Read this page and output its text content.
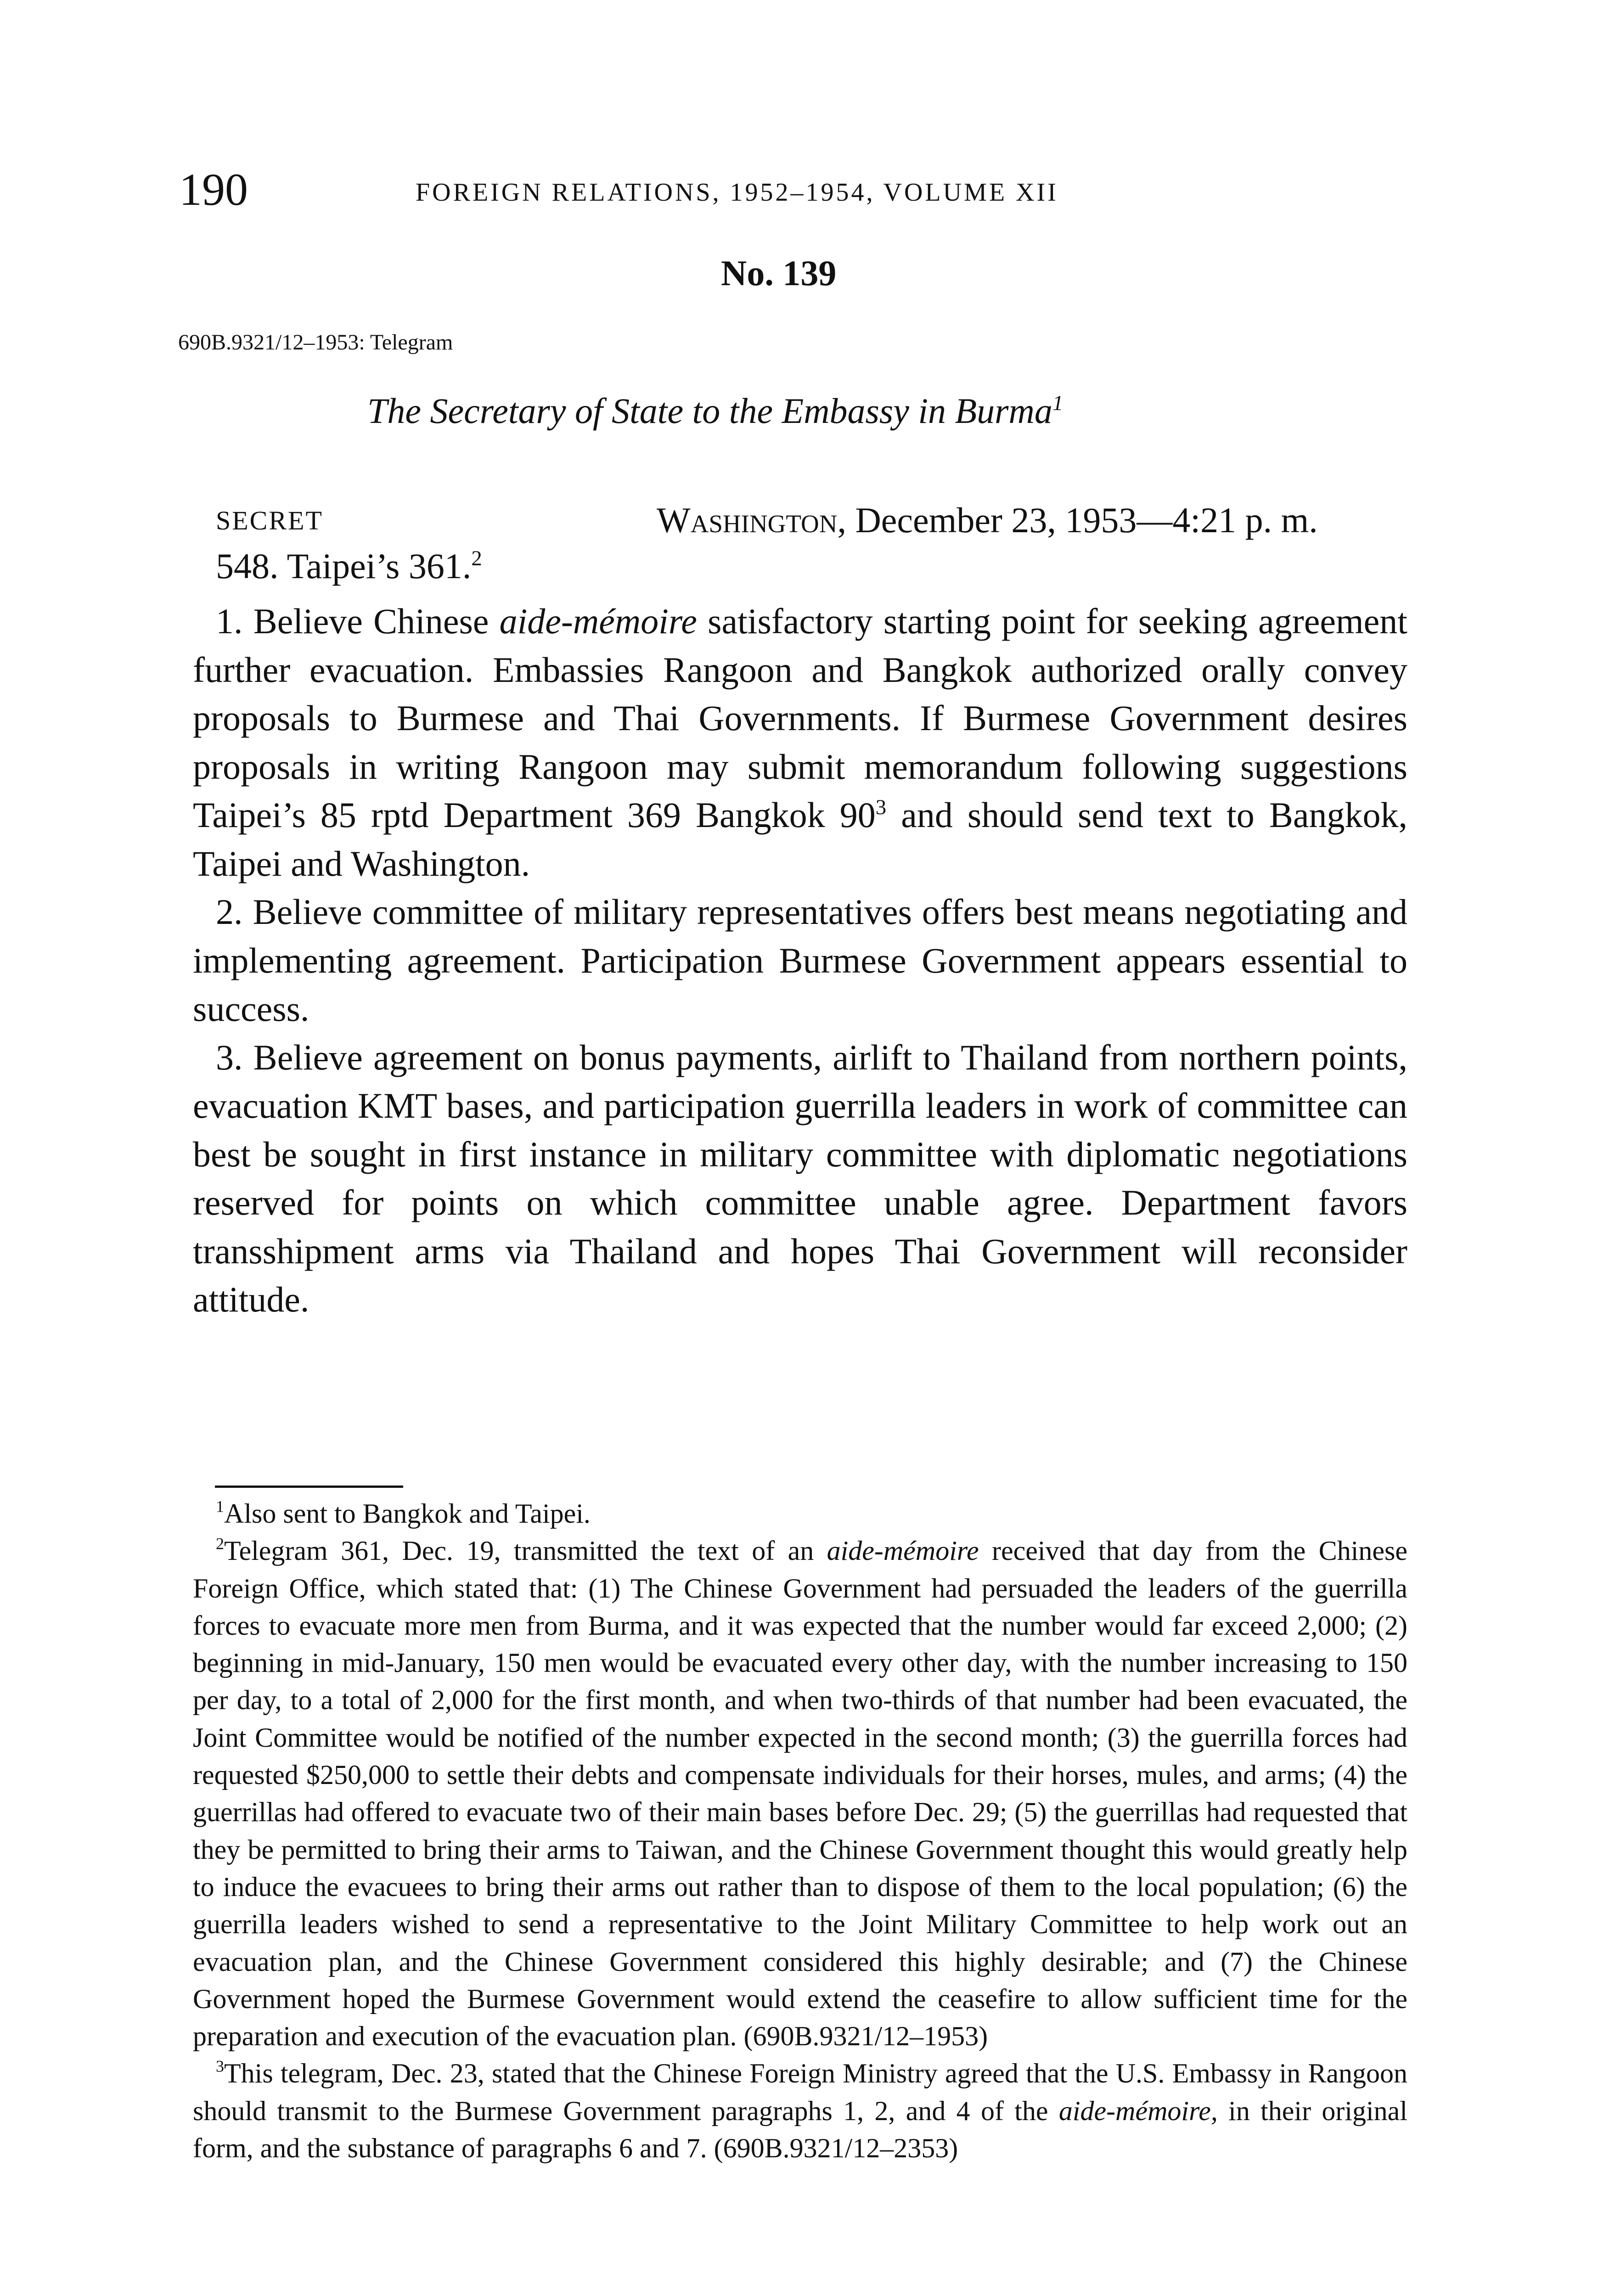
190	FOREIGN RELATIONS, 1952–1954, VOLUME XII
No. 139
690B.9321/12–1953: Telegram
The Secretary of State to the Embassy in Burma$^1$
SECRET	Washington, December 23, 1953—4:21 p. m.
548. Taipei’s 361.$^2$

1. Believe Chinese aide-mémoire satisfactory starting point for seeking agreement further evacuation. Embassies Rangoon and Bangkok authorized orally convey proposals to Burmese and Thai Governments. If Burmese Government desires proposals in writing Rangoon may submit memorandum following suggestions Taipei’s 85 rptd Department 369 Bangkok $90^3$ and should send text to Bangkok, Taipei and Washington.

2. Believe committee of military representatives offers best means negotiating and implementing agreement. Participation Burmese Government appears essential to success.

3. Believe agreement on bonus payments, airlift to Thailand from northern points, evacuation KMT bases, and participation guerrilla leaders in work of committee can best be sought in first instance in military committee with diplomatic negotiations reserved for points on which committee unable agree. Department favors transshipment arms via Thailand and hopes Thai Government will reconsider attitude.

$^1$Also sent to Bangkok and Taipei.

$^2$Telegram 361, Dec. 19, transmitted the text of an aide-mémoire received that day from the Chinese Foreign Office, which stated that: (1) The Chinese Government had persuaded the leaders of the guerrilla forces to evacuate more men from Burma, and it was expected that the number would far exceed 2,000; (2) beginning in mid-January, 150 men would be evacuated every other day, with the number increasing to 150 per day, to a total of 2,000 for the first month, and when two-thirds of that number had been evacuated, the Joint Committee would be notified of the number expected in the second month; (3) the guerrilla forces had requested $250,000 to settle their debts and compensate individuals for their horses, mules, and arms; (4) the guerrillas had offered to evacuate two of their main bases before Dec. 29; (5) the guerrillas had requested that they be permitted to bring their arms to Taiwan, and the Chinese Government thought this would greatly help to induce the evacuees to bring their arms out rather than to dispose of them to the local population; (6) the guerrilla leaders wished to send a representative to the Joint Military Committee to help work out an evacuation plan, and the Chinese Government considered this highly desirable; and (7) the Chinese Government hoped the Burmese Government would extend the ceasefire to allow sufficient time for the preparation and execution of the evacuation plan. (690B.9321/12–1953)

$^3$This telegram, Dec. 23, stated that the Chinese Foreign Ministry agreed that the U.S. Embassy in Rangoon should transmit to the Burmese Government paragraphs 1, 2, and 4 of the aide-mémoire, in their original form, and the substance of paragraphs 6 and 7. (690B.9321/12–2353)
